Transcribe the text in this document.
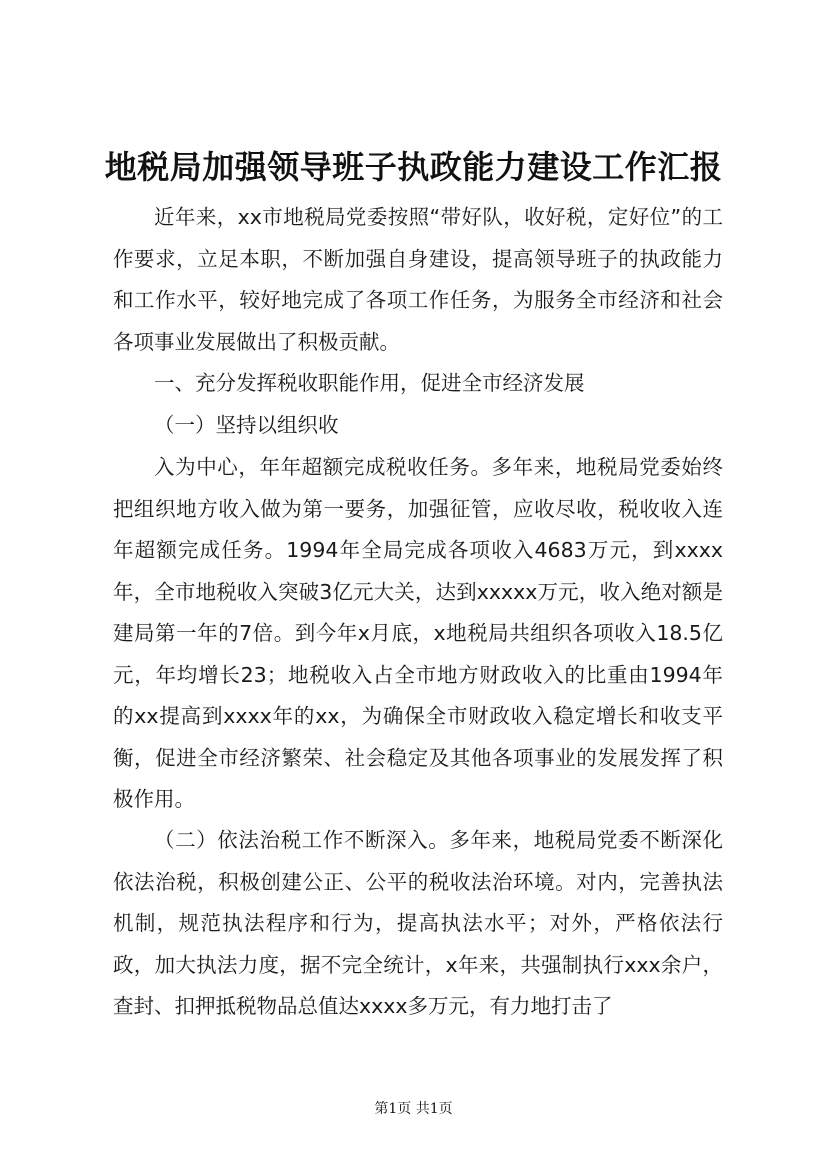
地税局加强领导班子执政能力建设工作汇报

近年来，xx市地税局党委按照“带好队，收好税，定好位”的工作要求，立足本职，不断加强自身建设，提高领导班子的执政能力和工作水平，较好地完成了各项工作任务，为服务全市经济和社会各项事业发展做出了积极贡献。

一、充分发挥税收职能作用，促进全市经济发展

（一）坚持以组织收

入为中心，年年超额完成税收任务。多年来，地税局党委始终把组织地方收入做为第一要务，加强征管，应收尽收，税收收入连年超额完成任务。1994年全局完成各项收入4683万元，到xxxx年，全市地税收入突破3亿元大关，达到xxxxx万元，收入绝对额是建局第一年的7倍。到今年x月底，x地税局共组织各项收入18.5亿元，年均增长23；地税收入占全市地方财政收入的比重由1994年的xx提高到xxxx年的xx，为确保全市财政收入稳定增长和收支平衡，促进全市经济繁荣、社会稳定及其他各项事业的发展发挥了积极作用。

（二）依法治税工作不断深入。多年来，地税局党委不断深化依法治税，积极创建公正、公平的税收法治环境。对内，完善执法机制，规范执法程序和行为，提高执法水平；对外，严格依法行政，加大执法力度，据不完全统计，x年来，共强制执行xxx余户，查封、扣押抵税物品总值达xxxx多万元，有力地打击了

第1页 共1页
